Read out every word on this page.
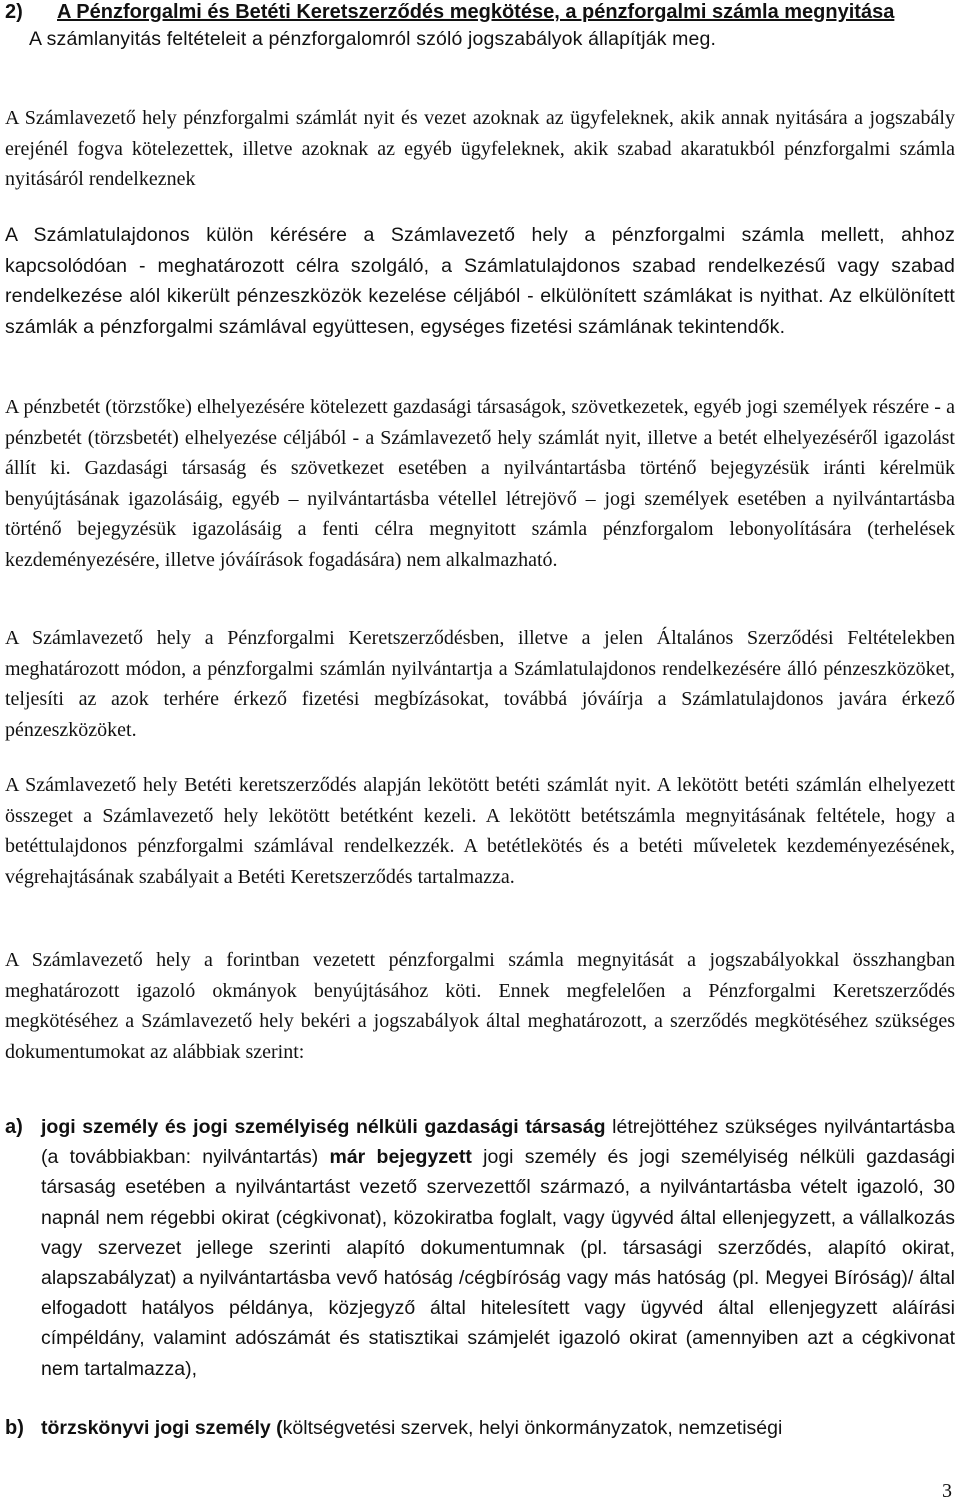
2) A Pénzforgalmi és Betéti Keretszerződés megkötése, a pénzforgalmi számla megnyitása
A számlanyitás feltételeit a pénzforgalomról szóló jogszabályok állapítják meg.
A Számlavezető hely pénzforgalmi számlát nyit és vezet azoknak az ügyfeleknek, akik annak nyitására a jogszabály erejénél fogva kötelezettek, illetve azoknak az egyéb ügyfeleknek, akik szabad akaratukból pénzforgalmi számla nyitásáról rendelkeznek
A Számlatulajdonos külön kérésére a Számlavezető hely a pénzforgalmi számla mellett, ahhoz kapcsolódóan - meghatározott célra szolgáló, a Számlatulajdonos szabad rendelkezésű vagy szabad rendelkezése alól kikerült pénzeszközök kezelése céljából - elkülönített számlákat is nyithat. Az elkülönített számlák a pénzforgalmi számlával együttesen, egységes fizetési számlának tekintendők.
A pénzbetét (törzstőke) elhelyezésére kötelezett gazdasági társaságok, szövetkezetek, egyéb jogi személyek részére - a pénzbetét (törzsbetét) elhelyezése céljából - a Számlavezető hely számlát nyit, illetve a betét elhelyezéséről igazolást állít ki. Gazdasági társaság és szövetkezet esetében a nyilvántartásba történő bejegyzésük iránti kérelmük benyújtásának igazolásáig, egyéb – nyilvántartásba vétellel létrejövő – jogi személyek esetében a nyilvántartásba történő bejegyzésük igazolásáig a fenti célra megnyitott számla pénzforgalom lebonyolítására (terhelések kezdeményezésére, illetve jóváírások fogadására) nem alkalmazható.
A Számlavezető hely a Pénzforgalmi Keretszerződésben, illetve a jelen Általános Szerződési Feltételekben meghatározott módon, a pénzforgalmi számlán nyilvántartja a Számlatulajdonos rendelkezésére álló pénzeszközöket, teljesíti az azok terhére érkező fizetési megbízásokat, továbbá jóváírja a Számlatulajdonos javára érkező pénzeszközöket.
A Számlavezető hely Betéti keretszerződés alapján lekötött betéti számlát nyit. A lekötött betéti számlán elhelyezett összeget a Számlavezető hely lekötött betétként kezeli. A lekötött betétszámla megnyitásának feltétele, hogy a betéttulajdonos pénzforgalmi számlával rendelkezzék. A betétlekötés és a betéti műveletek kezdeményezésének, végrehajtásának szabályait a Betéti Keretszerződés tartalmazza.
A Számlavezető hely a forintban vezetett pénzforgalmi számla megnyitását a jogszabályokkal összhangban meghatározott igazoló okmányok benyújtásához köti. Ennek megfelelően a Pénzforgalmi Keretszerződés megkötéséhez a Számlavezető hely bekéri a jogszabályok által meghatározott, a szerződés megkötéséhez szükséges dokumentumokat az alábbiak szerint:
a) jogi személy és jogi személyiség nélküli gazdasági társaság létrejöttéhez szükséges nyilvántartásba (a továbbiakban: nyilvántartás) már bejegyzett jogi személy és jogi személyiség nélküli gazdasági társaság esetében a nyilvántartást vezető szervezettől származó, a nyilvántartásba vételt igazoló, 30 napnál nem régebbi okirat (cégkivonat), közokiratba foglalt, vagy ügyvéd által ellenjegyzett, a vállalkozás vagy szervezet jellege szerinti alapító dokumentumnak (pl. társasági szerződés, alapító okirat, alapszabályzat) a nyilvántartásba vevő hatóság /cégbíróság vagy más hatóság (pl. Megyei Bíróság)/ által elfogadott hatályos példánya, közjegyző által hitelesített vagy ügyvéd által ellenjegyzett aláírási címpéldány, valamint adószámát és statisztikai számjelét igazoló okirat (amennyiben azt a cégkivonat nem tartalmazza),
b) törzskönyvi jogi személy (költségvetési szervek, helyi önkormányzatok, nemzetiségi
3
